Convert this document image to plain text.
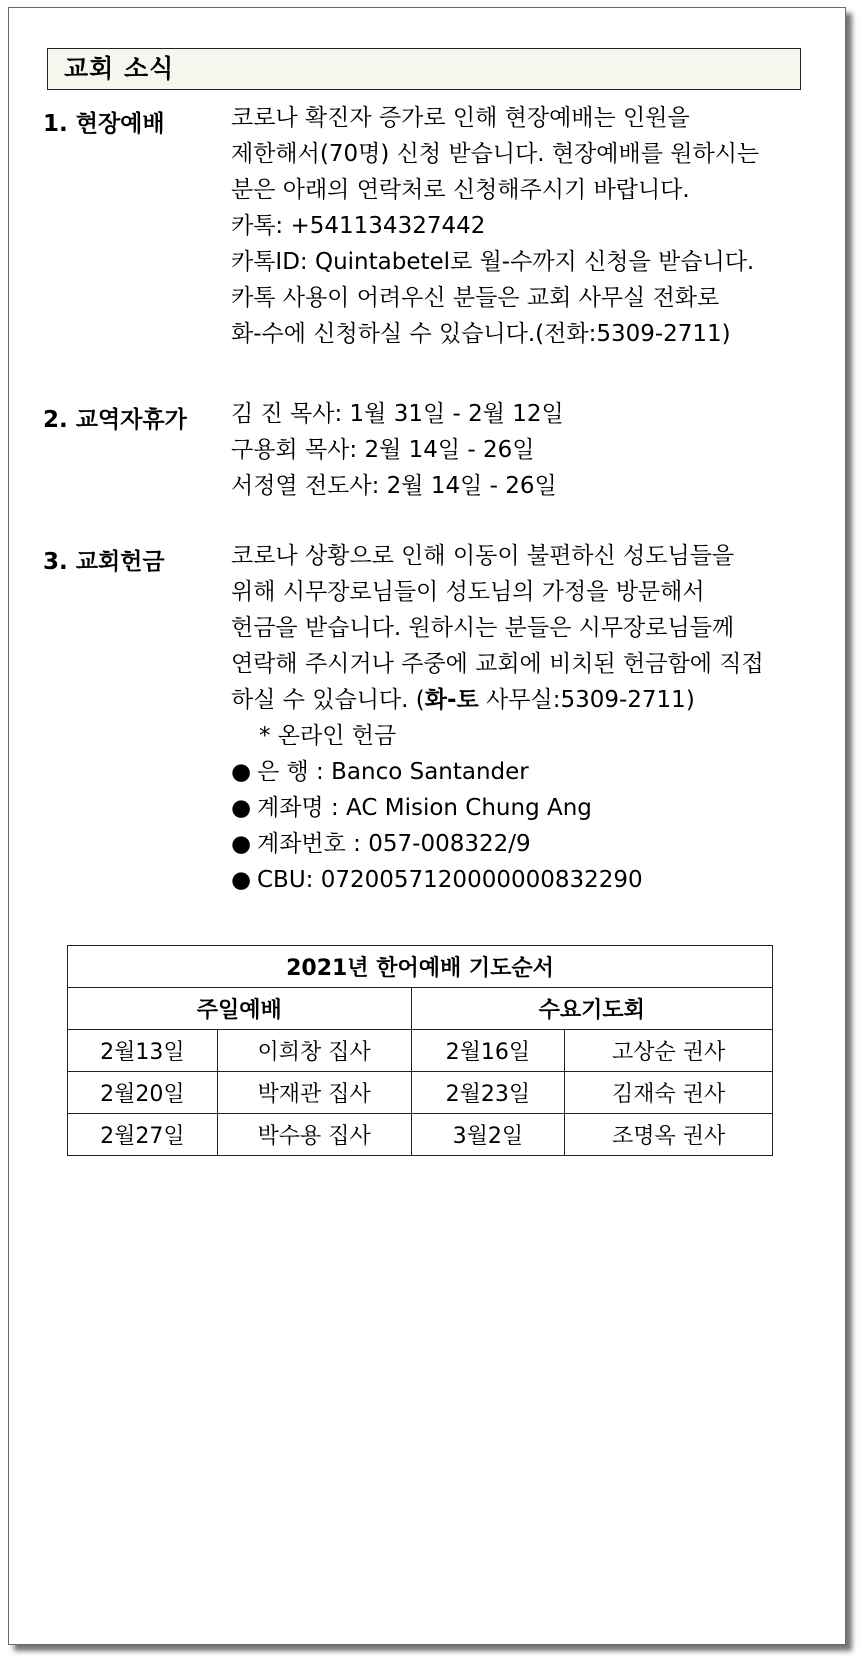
교회 소식
1. 현장예배	코로나 확진자 증가로 인해 현장예배는 인원을
제한해서(70명) 신청 받습니다. 현장예배를 원하시는
분은 아래의 연락처로 신청해주시기 바랍니다.
카톡: +541134327442
카톡ID: Quintabetel로 월-수까지 신청을 받습니다.
카톡 사용이 어려우신 분들은 교회 사무실 전화로
화-수에 신청하실 수 있습니다.(전화:5309-2711)
2. 교역자휴가 김 진 목사: 1월 31일 - 2월 12일
구용회 목사: 2월 14일 - 26일
서정열 전도사: 2월 14일 - 26일
3. 교회헌금	코로나 상황으로 인해 이동이 불편하신 성도님들을
위해 시무장로님들이 성도님의 가정을 방문해서
헌금을 받습니다. 원하시는 분들은 시무장로님들께
연락해 주시거나 주중에 교회에 비치된 헌금함에 직접
하실 수 있습니다. (화-토 사무실:5309-2711)
* 온라인 헌금
● 은 행 : Banco Santander
● 계좌명 : AC Mision Chung Ang
● 계좌번호 : 057-008322/9
● CBU: 0720057120000000832290
2021년 한어예배 기도순서			
주일예배		수요기도회	
2월13일	이희창 집사	2월16일	고상순 권사
2월20일	박재관 집사	2월23일	김재숙 권사
2월27일	박수용 집사	3월2일	조명옥 권사
